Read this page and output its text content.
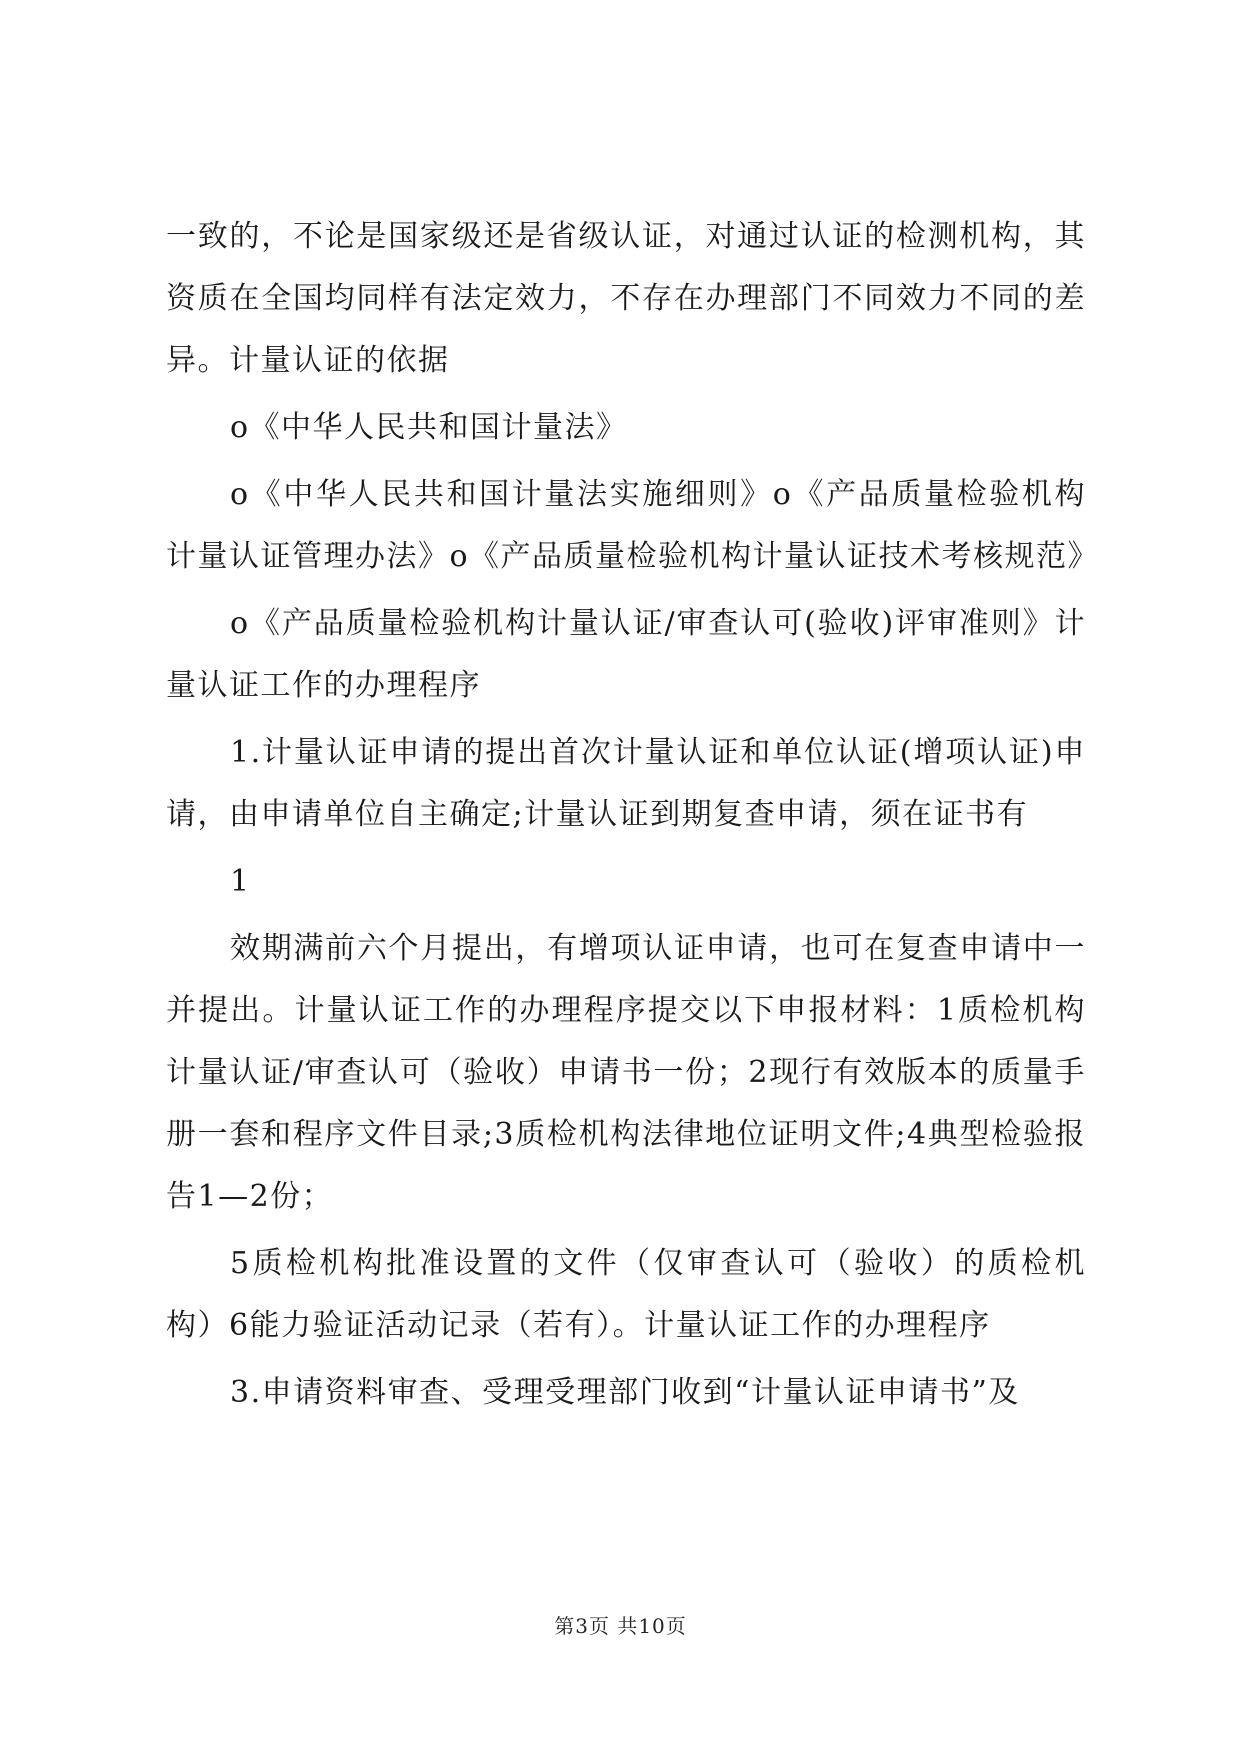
一致的，不论是国家级还是省级认证，对通过认证的检测机构，其资质在全国均同样有法定效力，不存在办理部门不同效力不同的差异。计量认证的依据

o《中华人民共和国计量法》

o《中华人民共和国计量法实施细则》o《产品质量检验机构计量认证管理办法》o《产品质量检验机构计量认证技术考核规范》

o《产品质量检验机构计量认证/审查认可(验收)评审准则》计量认证工作的办理程序

1.计量认证申请的提出首次计量认证和单位认证(增项认证)申请，由申请单位自主确定;计量认证到期复查申请，须在证书有

1

效期满前六个月提出，有增项认证申请，也可在复查申请中一并提出。计量认证工作的办理程序提交以下申报材料：1质检机构计量认证/审查认可（验收）申请书一份；2现行有效版本的质量手册一套和程序文件目录;3质检机构法律地位证明文件;4典型检验报告1—2份；

5质检机构批准设置的文件（仅审查认可（验收）的质检机构）6能力验证活动记录（若有）。计量认证工作的办理程序

3.申请资料审查、受理受理部门收到“计量认证申请书”及

第3页 共10页
